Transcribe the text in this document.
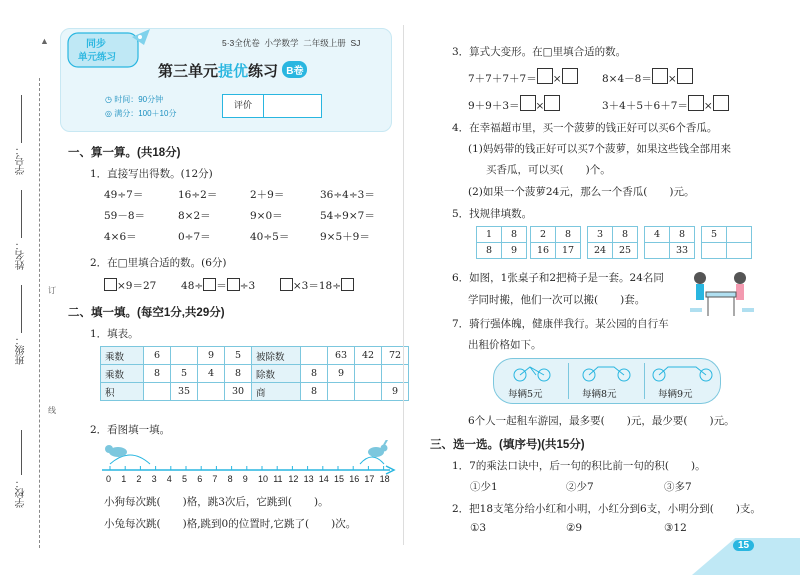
▲
学校：
班级：
姓名：
学号：
线
订
同步
单元练习
5·3全优卷  小学数学  二年级上册  SJ
第三单元提优练习 B卷
◷ 时间：90分钟
◎ 满分：100＋10分
评价
一、算一算。(共18分)
1．直接写出得数。(12分)
49÷7＝	16÷2＝	2＋9＝	36÷4÷3＝
59－8＝	8×2＝	9×0＝	54÷9×7＝
4×6＝	0÷7＝	40÷5＝	9×5＋9＝
2．在□里填合适的数。(6分)
×9＝27 48÷ ＝ ÷3	×3＝18÷
二、填一填。(每空1分,共29分)
1．填表。
乘数	6		9	5
乘数	8	5	4	8
积		35		30
被除数		63	42	72
除数	8	9		
商	8			9
2．看图填一填。
0 1 2 3 4 5 6 7 8 9 10 11 12 13 14 15 16 17 18
小狗每次跳( )格，跳3次后，它跳到( )。
小兔每次跳( )格,跳到0的位置时,它跳了( )次。
3．算式大变形。在□里填合适的数。
7＋7＋7＋7＝ ×	8×4－8＝ ×
9＋9＋3＝ ×	3＋4＋5＋6＋7＝ ×
4．在幸福超市里，买一个菠萝的钱正好可以买6个香瓜。
(1)妈妈带的钱正好可以买7个菠萝，如果这些钱全部用来
买香瓜，可以买( )个。
(2)如果一个菠萝24元，那么一个香瓜( )元。
5．找规律填数。
1	8
8	9
2	8
16	17
3	8
24	25
4	8
	33
5	

6．如图，1张桌子和2把椅子是一套。24名同
学同时搬，他们一次可以搬( )套。
7．骑行强体魄，健康伴我行。某公园的自行车
出租价格如下。
每辆5元	每辆8元	每辆9元
6个人一起租车游园，最多要( )元，最少要( )元。
三、选一选。(填序号)(共15分)
1．7的乘法口诀中，后一句的积比前一句的积( )。
①少1	②少7	③多7
2．把18支笔分给小红和小明，小红分到6支，小明分到( )支。
①3	②9	③12
15
